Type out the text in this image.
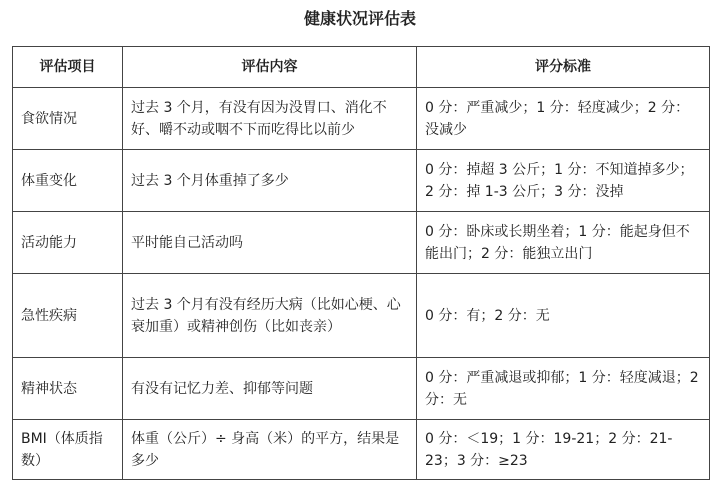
健康状况评估表
评估项目	评估内容	评分标准
食欲情况	过去 3 个月，有没有因为没胃口、消化不好、嚼不动或咽不下而吃得比以前少	0 分：严重减少；1 分：轻度减少；2 分：没减少
体重变化	过去 3 个月体重掉了多少	0 分：掉超 3 公斤；1 分：不知道掉多少；2 分：掉 1-3 公斤；3 分：没掉
活动能力	平时能自己活动吗	0 分：卧床或长期坐着；1 分：能起身但不能出门；2 分：能独立出门
急性疾病	过去 3 个月有没有经历大病（比如心梗、心衰加重）或精神创伤（比如丧亲）	0 分：有；2 分：无
精神状态	有没有记忆力差、抑郁等问题	0 分：严重减退或抑郁；1 分：轻度减退；2 分：无
BMI（体质指数）	体重（公斤）÷ 身高（米）的平方，结果是多少	0 分：＜19；1 分：19-21；2 分：21-23；3 分：≥23
